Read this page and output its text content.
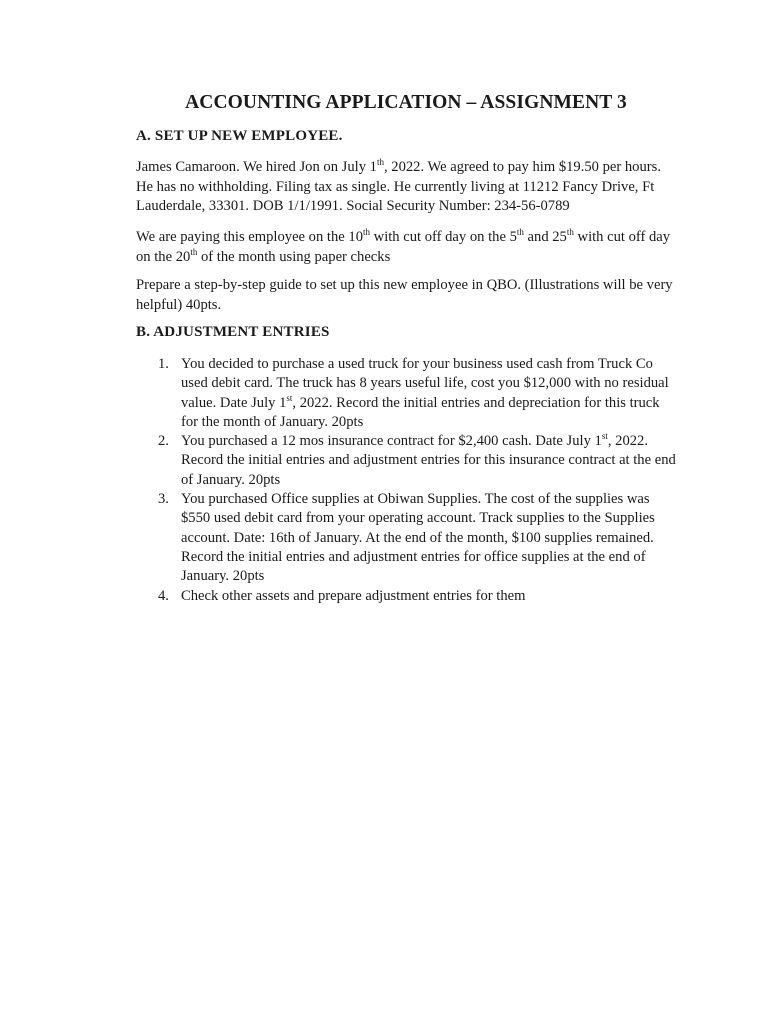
ACCOUNTING APPLICATION – ASSIGNMENT 3
A. SET UP NEW EMPLOYEE.
James Camaroon. We hired Jon on July 1th, 2022. We agreed to pay him $19.50 per hours. He has no withholding. Filing tax as single. He currently living at 11212 Fancy Drive, Ft Lauderdale, 33301. DOB 1/1/1991. Social Security Number: 234-56-0789
We are paying this employee on the 10th with cut off day on the 5th and 25th with cut off day on the 20th of the month using paper checks
Prepare a step-by-step guide to set up this new employee in QBO. (Illustrations will be very helpful) 40pts.
B. ADJUSTMENT ENTRIES
1. You decided to purchase a used truck for your business used cash from Truck Co used debit card. The truck has 8 years useful life, cost you $12,000 with no residual value. Date July 1st, 2022. Record the initial entries and depreciation for this truck for the month of January. 20pts
2. You purchased a 12 mos insurance contract for $2,400 cash. Date July 1st, 2022. Record the initial entries and adjustment entries for this insurance contract at the end of January. 20pts
3. You purchased Office supplies at Obiwan Supplies. The cost of the supplies was $550 used debit card from your operating account. Track supplies to the Supplies account. Date: 16th of January. At the end of the month, $100 supplies remained. Record the initial entries and adjustment entries for office supplies at the end of January. 20pts
4. Check other assets and prepare adjustment entries for them
